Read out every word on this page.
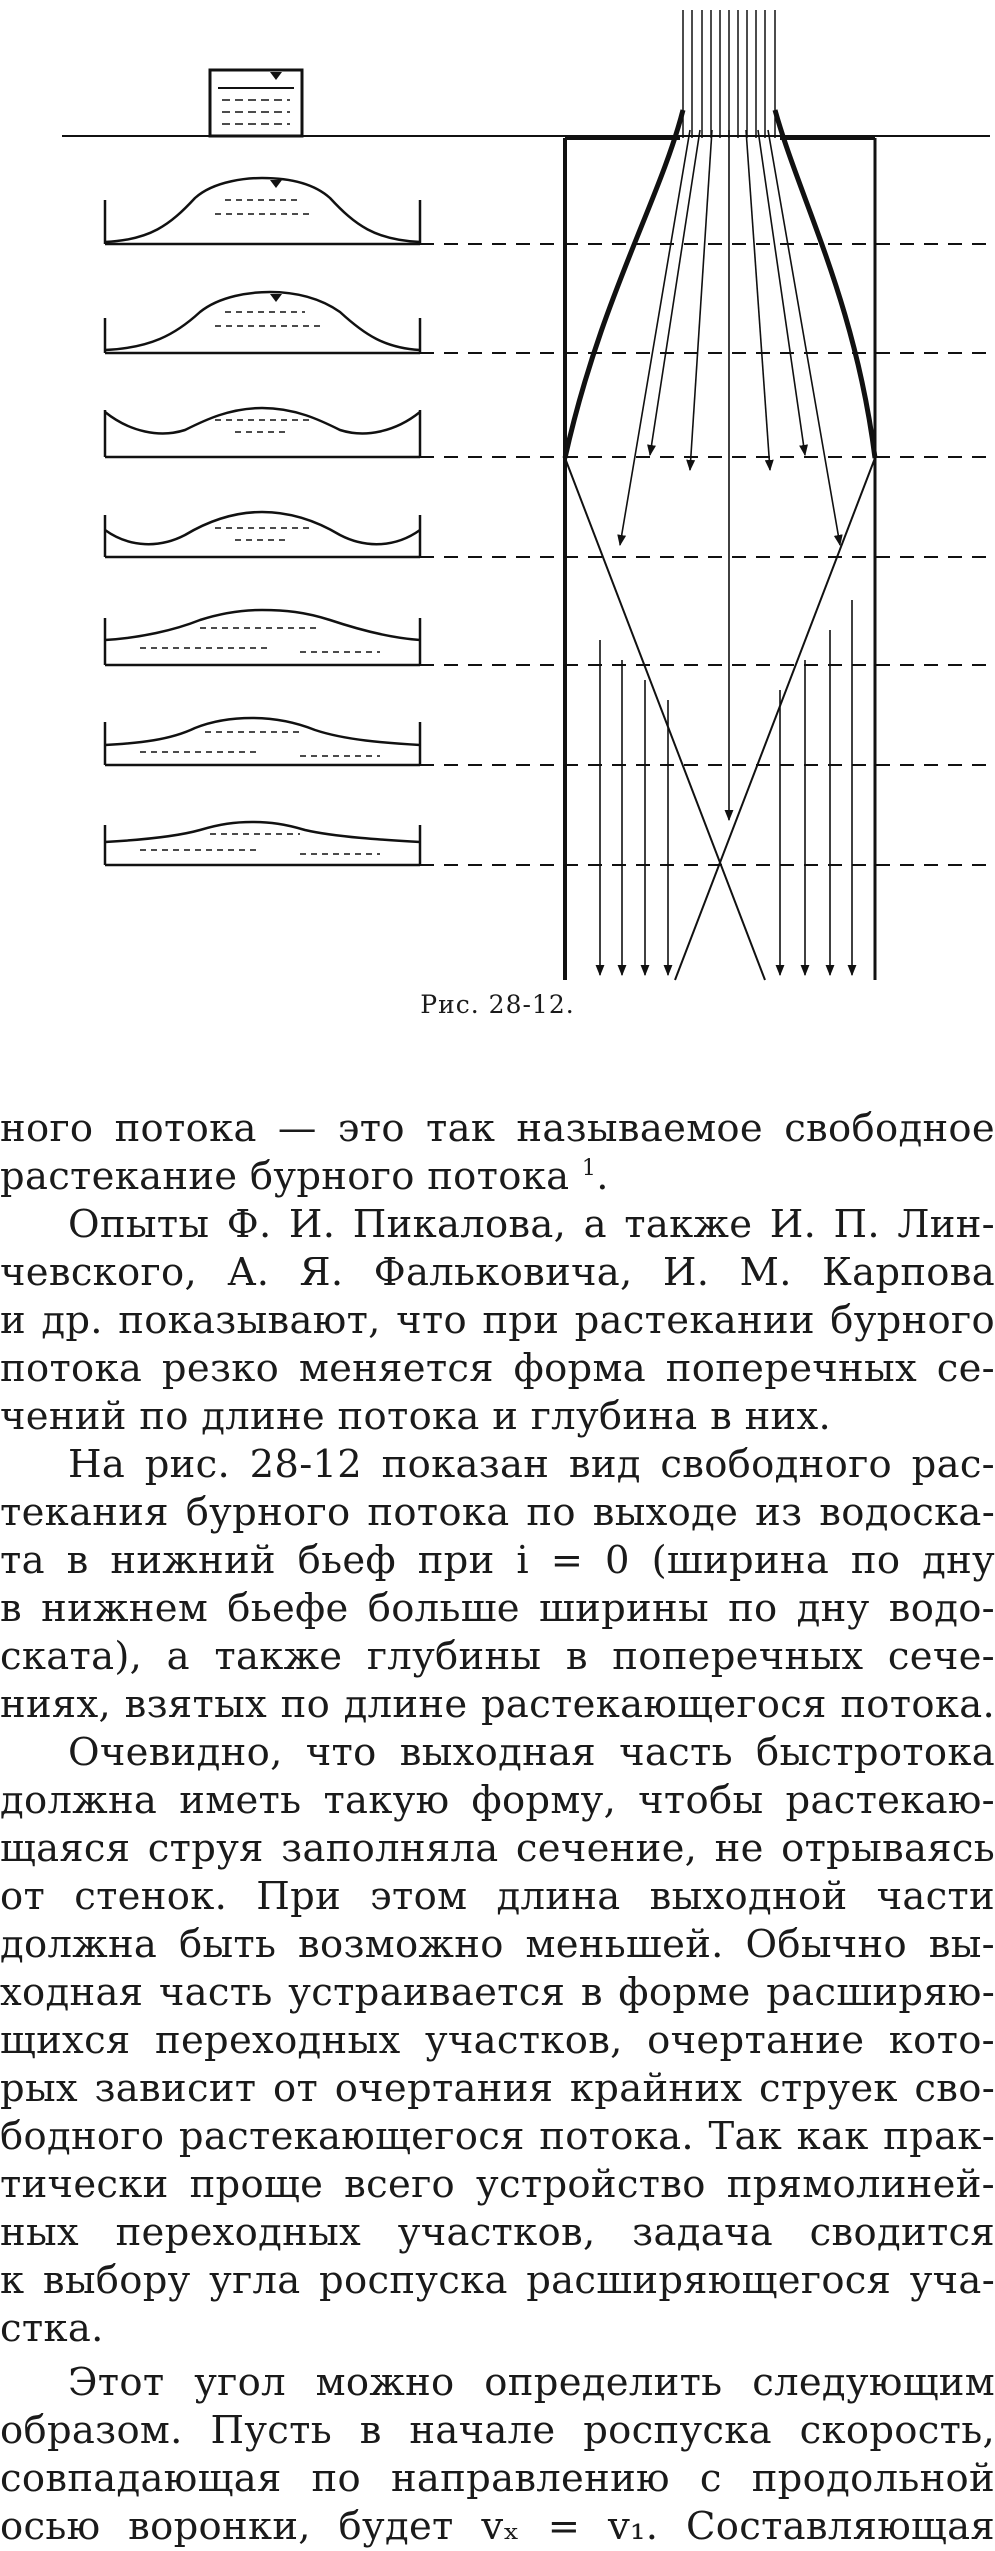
Рис. 28-12.
ного потока — это так называемое свободное
растекание бурного потока $^1$.
Опыты Ф. И. Пикалова, а также И. П. Лин-
чевского, А. Я. Фальковича, И. М. Карпова
и др. показывают, что при растекании бурного
потока резко меняется форма поперечных се-
чений по длине потока и глубина в них.
На рис. 28-12 показан вид свободного рас-
текания бурного потока по выходе из водоска-
та в нижний бьеф при i = 0 (ширина по дну
в нижнем бьефе больше ширины по дну водо-
ската), а также глубины в поперечных сече-
ниях, взятых по длине растекающегося потока.
Очевидно, что выходная часть быстротока
должна иметь такую форму, чтобы растекаю-
щаяся струя заполняла сечение, не отрываясь
от стенок. При этом длина выходной части
должна быть возможно меньшей. Обычно вы-
ходная часть устраивается в форме расширяю-
щихся переходных участков, очертание кото-
рых зависит от очертания крайних струек сво-
бодного растекающегося потока. Так как прак-
тически проще всего устройство прямолиней-
ных переходных участков, задача сводится
к выбору угла роспуска расширяющегося уча-
стка.
Этот угол можно определить следующим
образом. Пусть в начале роспуска скорость,
совпадающая по направлению с продольной
осью воронки, будет vₓ = v₁. Составляющая
